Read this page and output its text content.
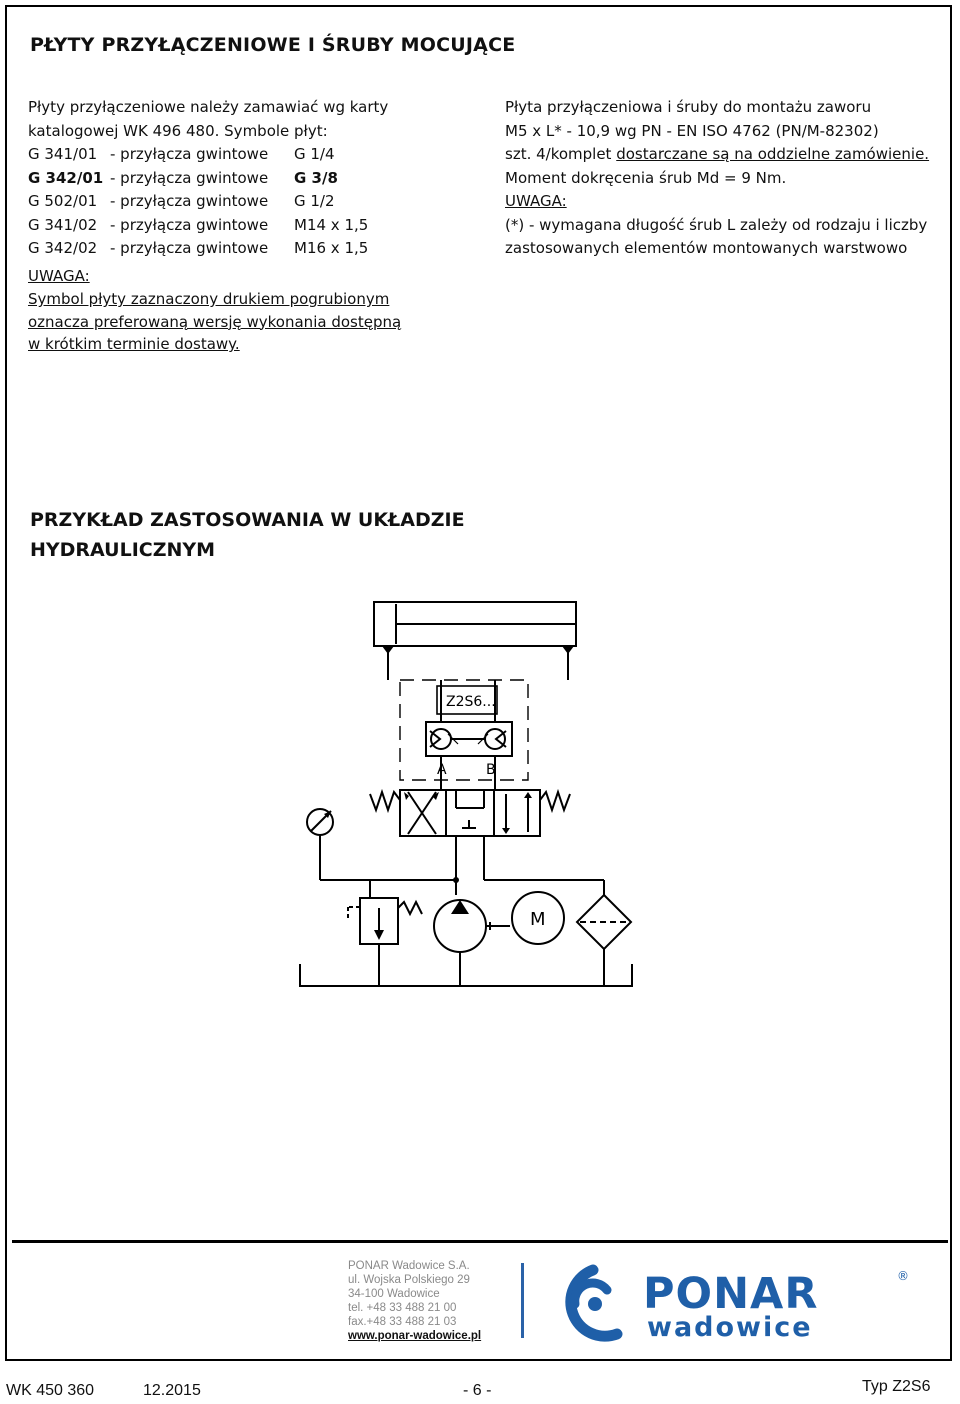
PŁYTY PRZYŁĄCZENIOWE I ŚRUBY MOCUJĄCE
Płyty przyłączeniowe należy zamawiać wg karty
katalogowej WK 496 480. Symbole płyt:
G 341/01 - przyłącza gwintowe G 1/4
G 342/01 - przyłącza gwintowe G 3/8
G 502/01 - przyłącza gwintowe G 1/2
G 341/02 - przyłącza gwintowe M14 x 1,5
G 342/02 - przyłącza gwintowe M16 x 1,5
UWAGA:
Symbol płyty zaznaczony drukiem pogrubionym
oznacza preferowaną wersję wykonania dostępną
w krótkim terminie dostawy.
Płyta przyłączeniowa i śruby do montażu zaworu
M5 x L* - 10,9 wg PN - EN ISO 4762 (PN/M-82302)
szt. 4/komplet dostarczane są na oddzielne zamówienie.
Moment dokręcenia śrub Md = 9 Nm.
UWAGA:
(*) - wymagana długość śrub L zależy od rodzaju i liczby
zastosowanych elementów montowanych warstwowo
PRZYKŁAD ZASTOSOWANIA W UKŁADZIE
HYDRAULICZNYM
Z2S6...
A	B
M
PONAR Wadowice S.A.
ul. Wojska Polskiego 29
34-100 Wadowice
tel. +48 33 488 21 00
fax.+48 33 488 21 03
www.ponar-wadowice.pl
PONAR
wadowice
®
WK 450 360	12.2015	- 6 -	Typ Z2S6
